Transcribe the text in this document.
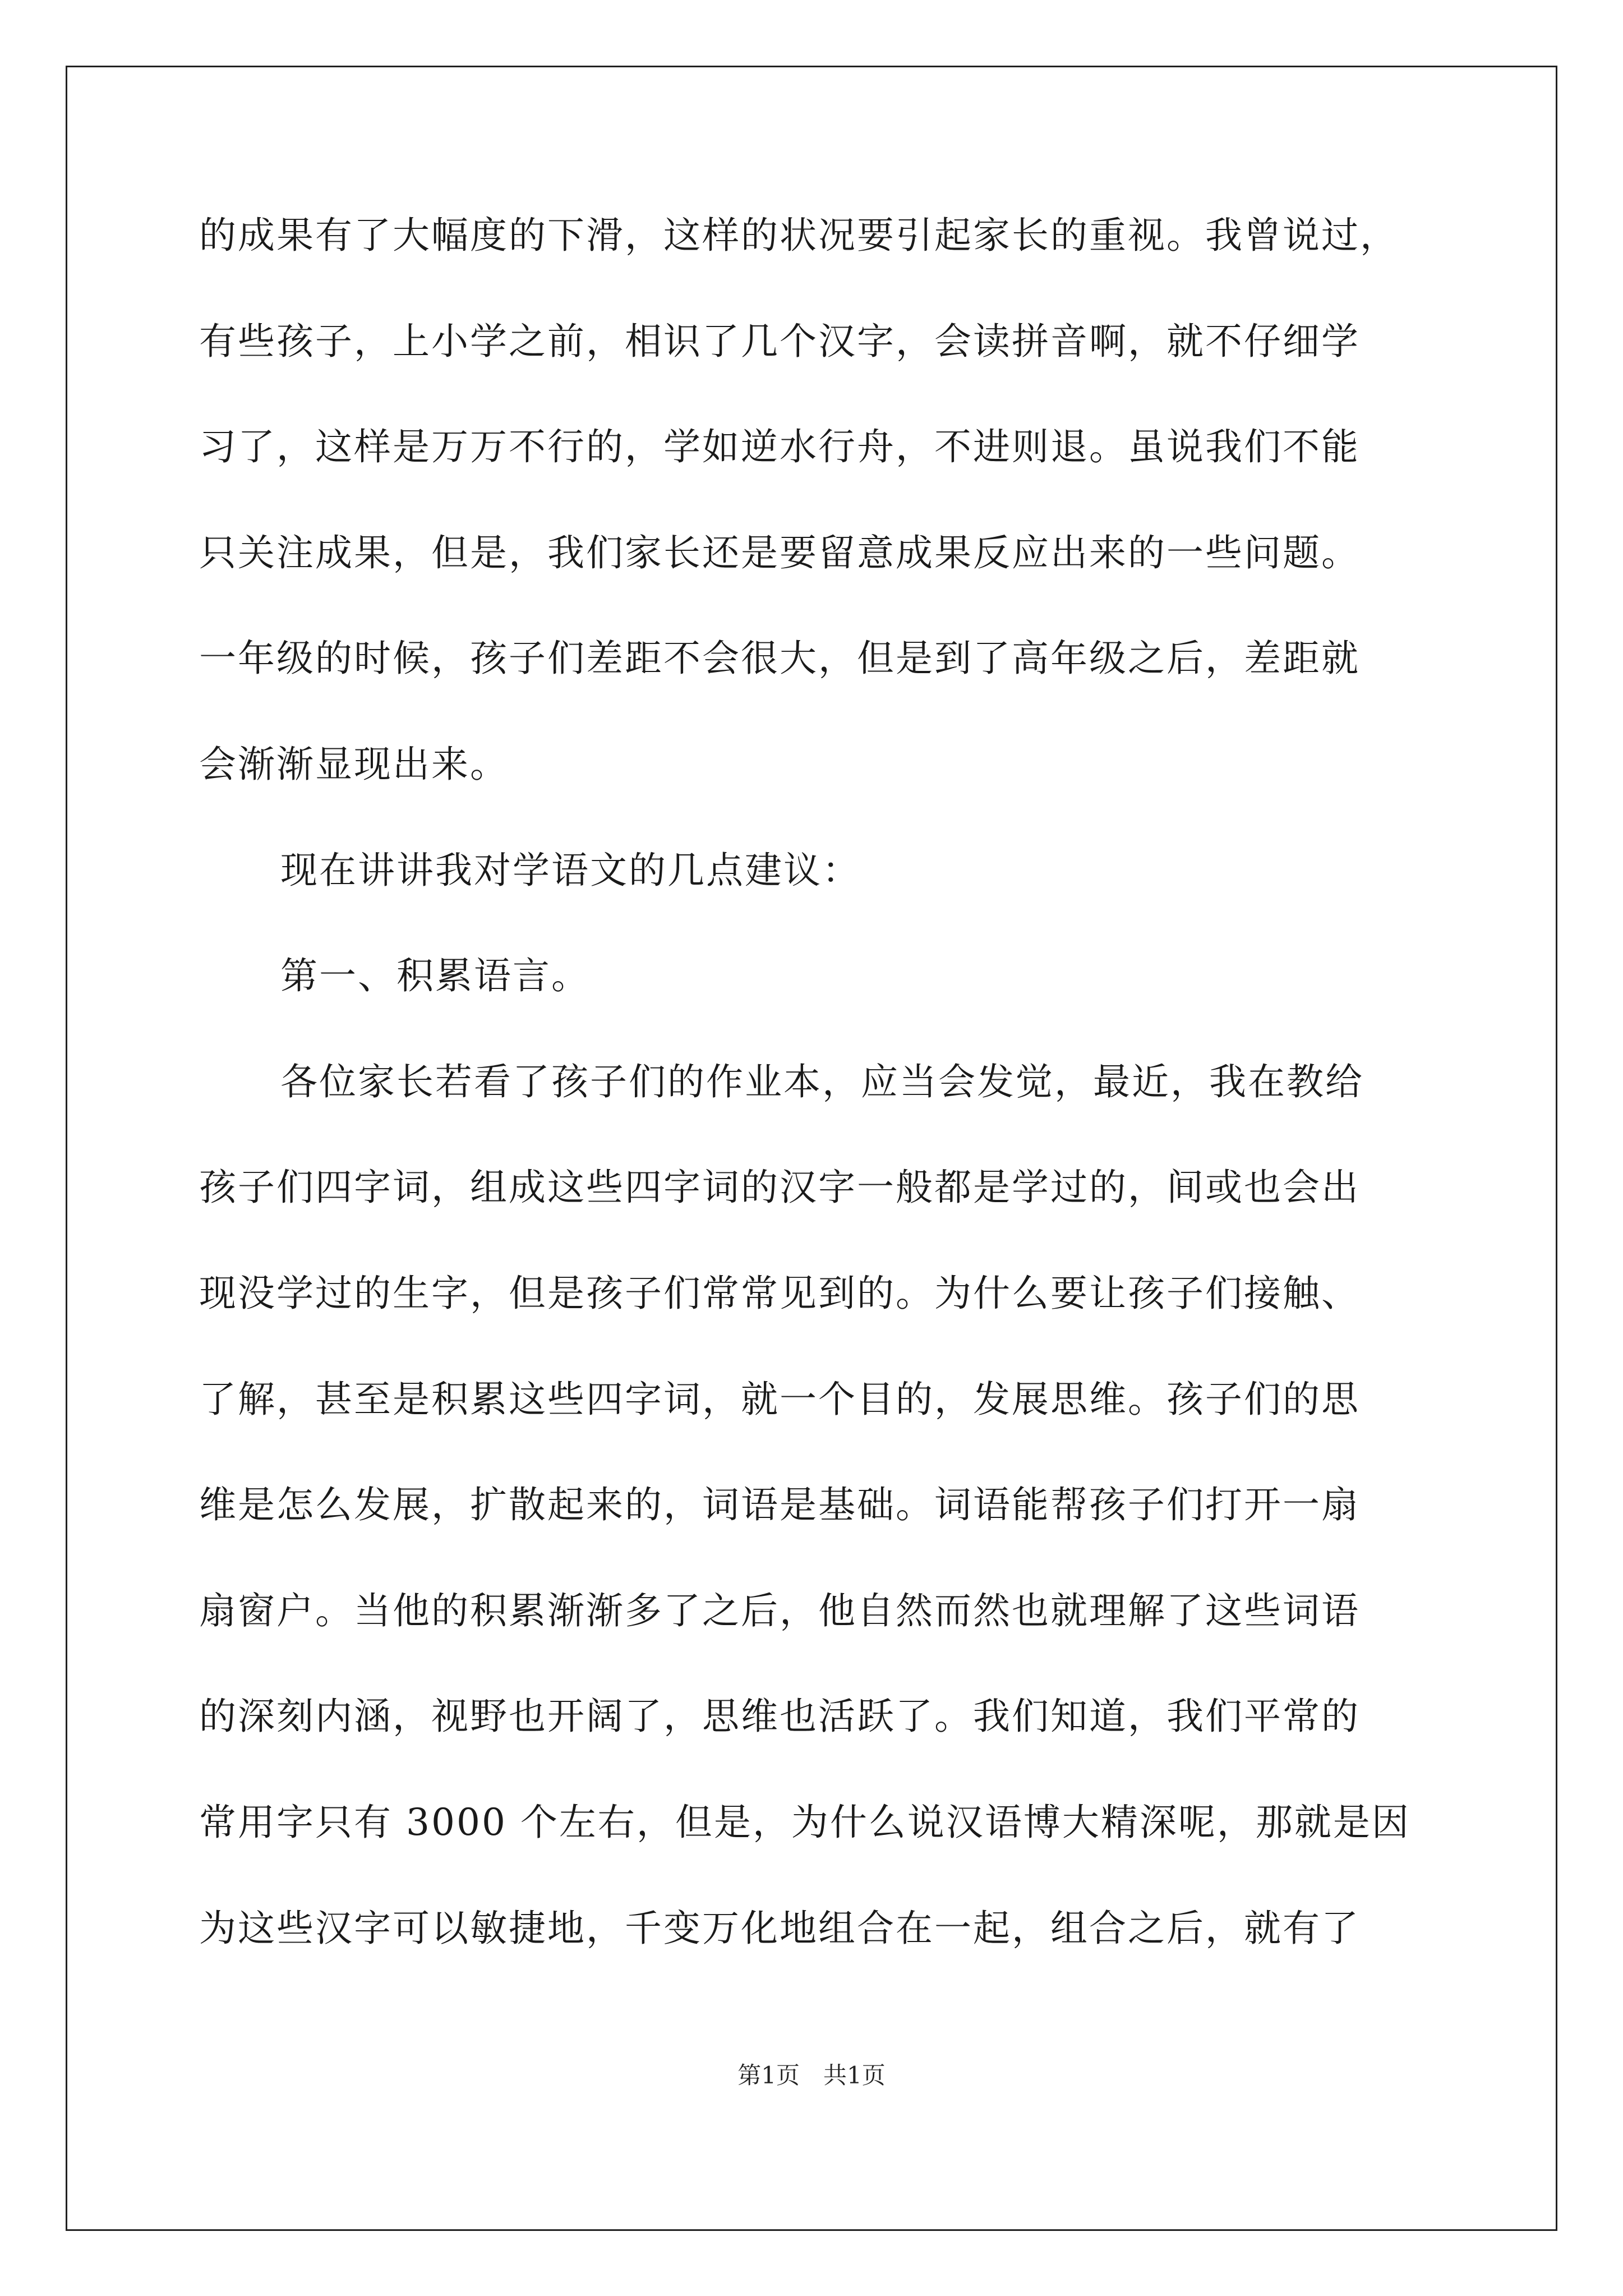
的成果有了大幅度的下滑，这样的状况要引起家长的重视。我曾说过，
有些孩子，上小学之前，相识了几个汉字，会读拼音啊，就不仔细学
习了，这样是万万不行的，学如逆水行舟，不进则退。虽说我们不能
只关注成果，但是，我们家长还是要留意成果反应出来的一些问题。
一年级的时候，孩子们差距不会很大，但是到了高年级之后，差距就
会渐渐显现出来。
现在讲讲我对学语文的几点建议：
第一、积累语言。
各位家长若看了孩子们的作业本，应当会发觉，最近，我在教给
孩子们四字词，组成这些四字词的汉字一般都是学过的，间或也会出
现没学过的生字，但是孩子们常常见到的。为什么要让孩子们接触、
了解，甚至是积累这些四字词，就一个目的，发展思维。孩子们的思
维是怎么发展，扩散起来的，词语是基础。词语能帮孩子们打开一扇
扇窗户。当他的积累渐渐多了之后，他自然而然也就理解了这些词语
的深刻内涵，视野也开阔了，思维也活跃了。我们知道，我们平常的
常用字只有 3000 个左右，但是，为什么说汉语博大精深呢，那就是因
为这些汉字可以敏捷地，千变万化地组合在一起，组合之后，就有了
第1页　共1页
